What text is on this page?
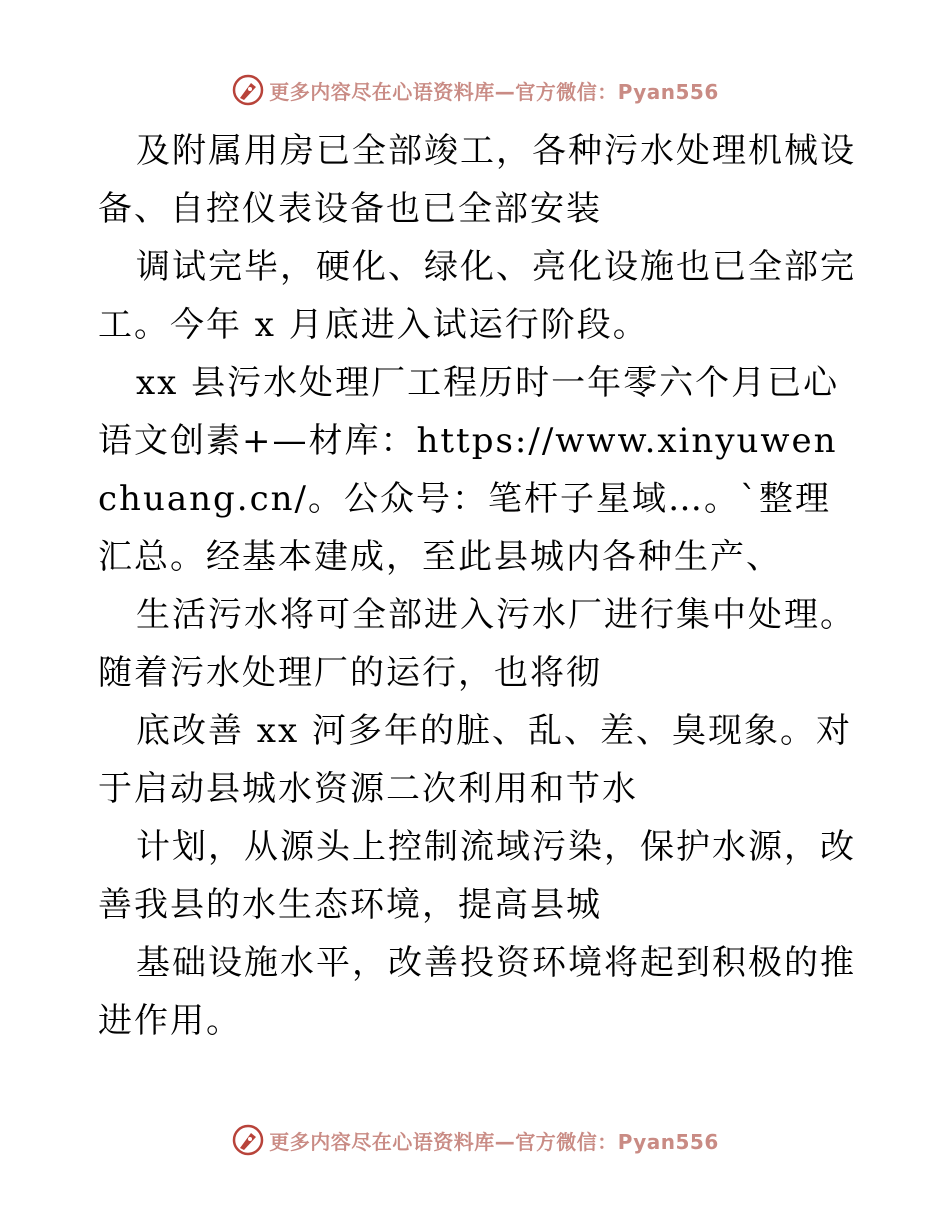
更多内容尽在心语资料库—官方微信：Pyan556

及附属用房已全部竣工，各种污水处理机械设备、自控仪表设备也已全部安装

调试完毕，硬化、绿化、亮化设施也已全部完工。今年 x 月底进入试运行阶段。

xx 县污水处理厂工程历时一年零六个月已心语文创素+—材库：https://www.xinyuwenchuang.cn/。公众号：笔杆子星域…。`整理汇总。经基本建成，至此县城内各种生产、

生活污水将可全部进入污水厂进行集中处理。随着污水处理厂的运行，也将彻

底改善 xx 河多年的脏、乱、差、臭现象。对于启动县城水资源二次利用和节水

计划，从源头上控制流域污染，保护水源，改善我县的水生态环境，提高县城

基础设施水平，改善投资环境将起到积极的推进作用。

更多内容尽在心语资料库—官方微信：Pyan556
